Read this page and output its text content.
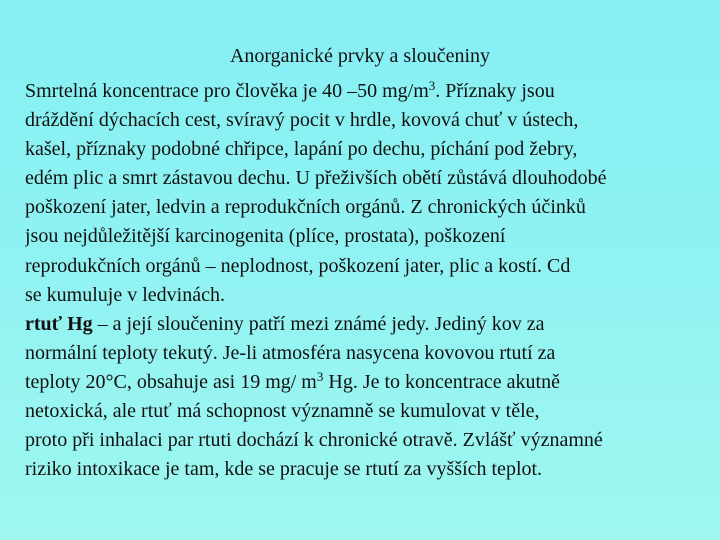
Anorganické prvky a sloučeniny
Smrtelná koncentrace pro člověka je 40 –50 $mg/m^3$. Příznaky jsou
dráždění dýchacích cest, svíravý pocit v hrdle, kovová chuť v ústech,
kašel, příznaky podobné chřipce, lapání po dechu, píchání pod žebry,
edém plic a smrt zástavou dechu. U přeživších obětí zůstává dlouhodobé
poškození jater, ledvin a reprodukčních orgánů. Z chronických účinků
jsou nejdůležitější karcinogenita (plíce, prostata), poškození
reprodukčních orgánů – neplodnost, poškození jater, plic a kostí. Cd
se kumuluje v ledvinách.
rtuť Hg – a její sloučeniny patří mezi známé jedy. Jediný kov za
normální teploty tekutý. Je-li atmosféra nasycena kovovou rtutí za
teploty 20°C, obsahuje asi 19 mg/ $m^3$ Hg. Je to koncentrace akutně
netoxická, ale rtuť má schopnost významně se kumulovat v těle,
proto při inhalaci par rtuti dochází k chronické otravě. Zvlášť významné
riziko intoxikace je tam, kde se pracuje se rtutí za vyšších teplot.
